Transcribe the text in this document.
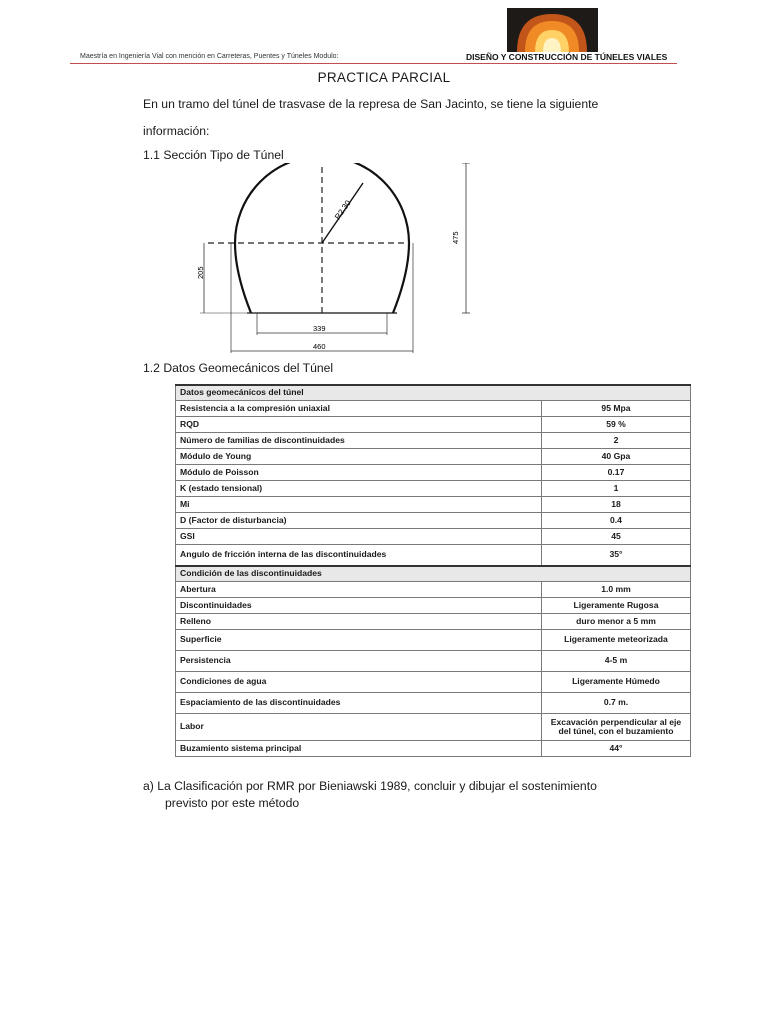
Maestría en Ingeniería Vial con mención en Carreteras, Puentes y Túneles Modulo:	DISEÑO Y CONSTRUCCIÓN DE TÚNELES VIALES
PRACTICA PARCIAL
En un tramo del túnel de trasvase de la represa de San Jacinto, se tiene la siguiente
información:
1.1 Sección Tipo de Túnel
R2.30
475
205
339
460
1.2 Datos Geomecánicos del Túnel
Datos geomecánicos del túnel	
Resistencia a la compresión uniaxial	95 Mpa
RQD	59 %
Número de familias de discontinuidades	2
Módulo de Young	40 Gpa
Módulo de Poisson	0.17
K (estado tensional)	1
Mi	18
D (Factor de disturbancia)	0.4
GSI	45
Angulo de fricción interna de las discontinuidades	35°
Condición de las discontinuidades	
Abertura	1.0 mm
Discontinuidades	Ligeramente Rugosa
Relleno	duro menor a 5 mm
Superficie	Ligeramente meteorizada
Persistencia	4-5 m
Condiciones de agua	Ligeramente Húmedo
Espaciamiento de las discontinuidades	0.7 m.
Labor	Excavación perpendicular al eje del túnel, con el buzamiento
Buzamiento sistema principal	44°
a) La Clasificación por RMR por Bieniawski 1989, concluir y dibujar el sostenimiento
previsto por este método
